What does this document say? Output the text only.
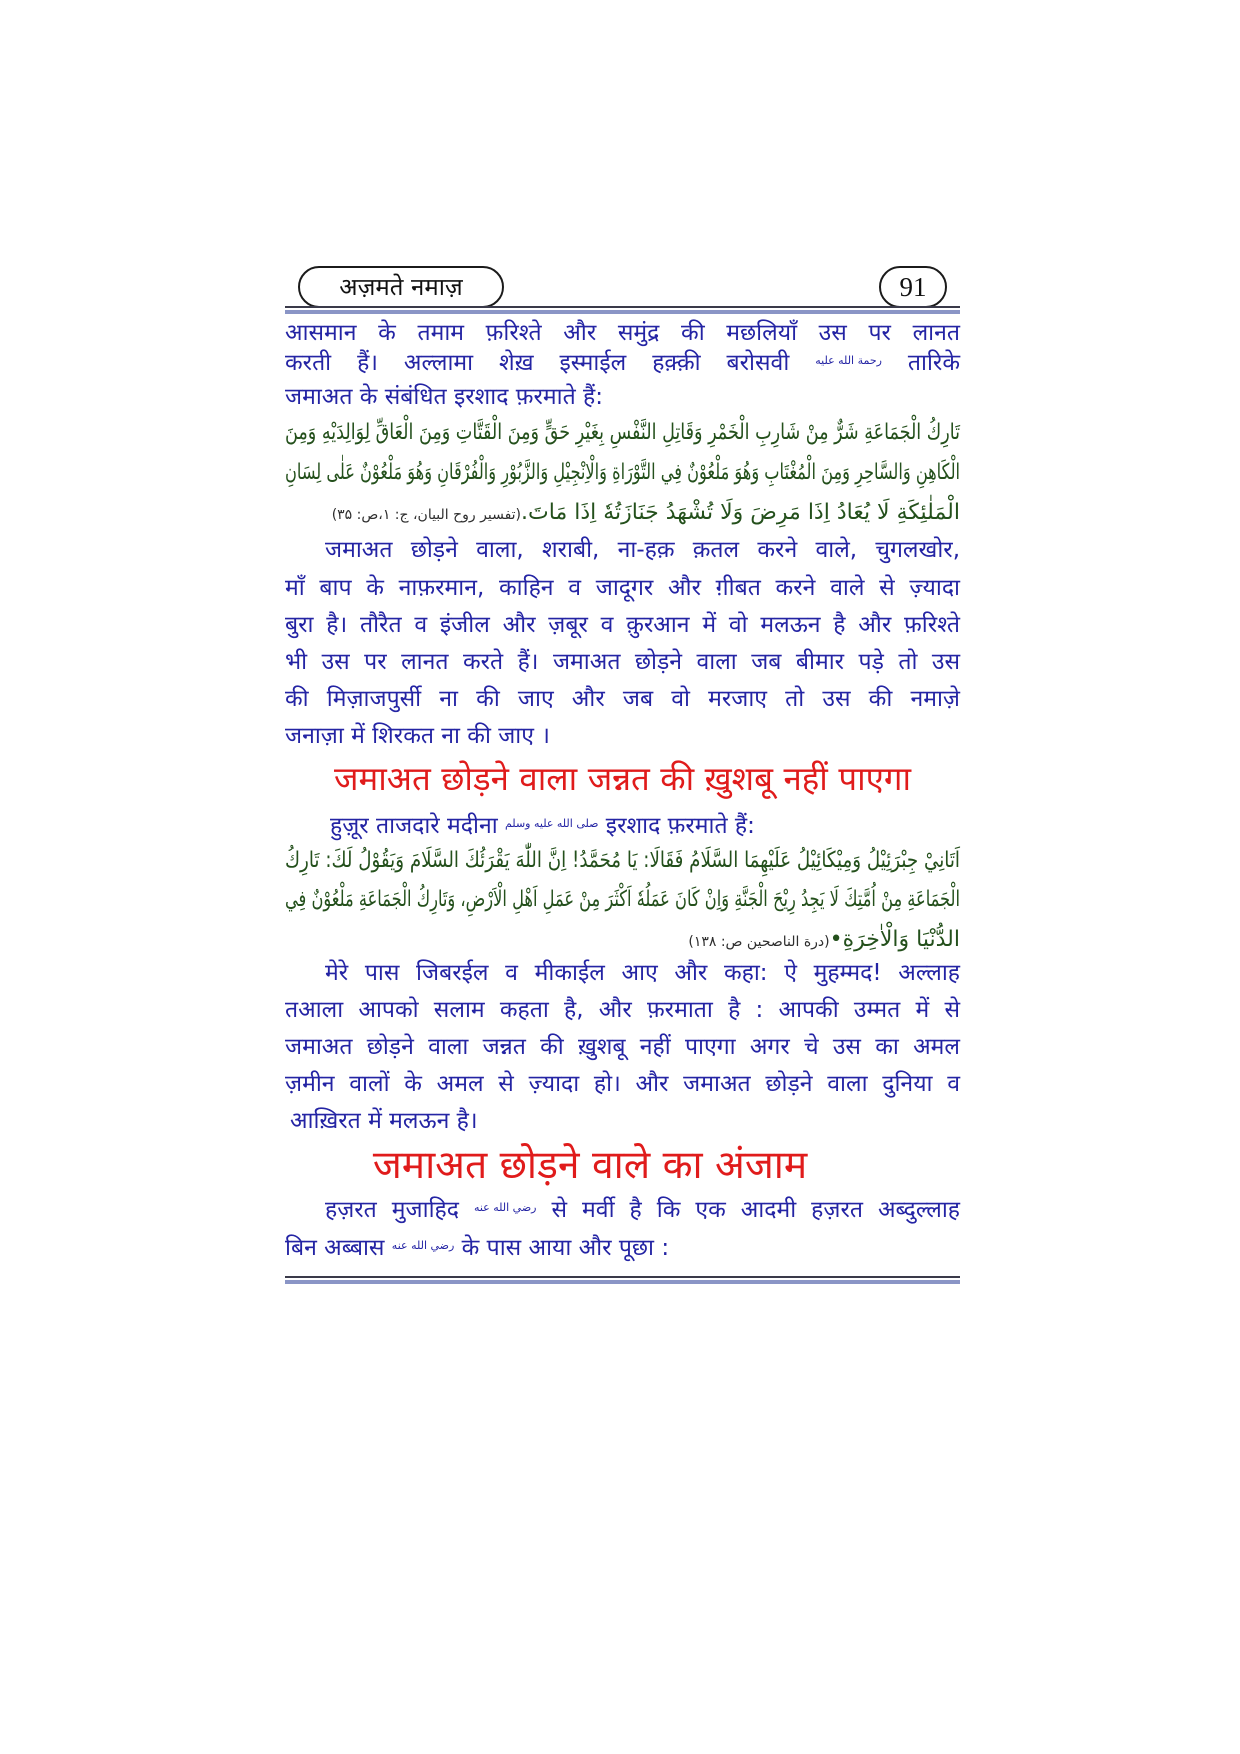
अज़मते नमाज़	91
आसमान के तमाम फ़रिश्ते और समुंद्र की मछलियाँ उस पर लानत
करती हैं। अल्लामा शेख़ इस्माईल हक़्क़ी बरोसवी رحمة الله عليه तारिके
जमाअत के संबंधित इरशाद फ़रमाते हैं:
تَارِكُ الْجَمَاعَةِ شَرٌّ مِنْ شَارِبِ الْخَمْرِ وَقَاتِلِ النَّفْسِ بِغَيْرِ حَقٍّ وَمِنَ الْقَتَّاتِ وَمِنَ الْعَاقِّ لِوَالِدَيْهِ وَمِنَ
الْكَاهِنِ وَالسَّاحِرِ وَمِنَ الْمُغْتَابِ وَهُوَ مَلْعُوْنٌ فِي التَّوْرَاةِ وَالْاِنْجِيْلِ وَالزَّبُوْرِ وَالْفُرْقَانِ وَهُوَ مَلْعُوْنٌ عَلٰى لِسَانِ
الْمَلٰئِكَةِ لَا يُعَادُ اِذَا مَرِضَ وَلَا تُشْهَدُ جَنَازَتُهٗ اِذَا مَاتَ.(تفسير روح البيان، ج: ۱،ص: ۳۵)
जमाअत छोड़ने वाला, शराबी, ना-हक़ क़तल करने वाले, चुगलखोर,
माँ बाप के नाफ़रमान, काहिन व जादूगर और ग़ीबत करने वाले से ज़्यादा
बुरा है। तौरैत व इंजील और ज़बूर व क़ुरआन में वो मलऊन है और फ़रिश्ते
भी उस पर लानत करते हैं। जमाअत छोड़ने वाला जब बीमार पड़े तो उस
की मिज़ाजपुर्सी ना की जाए और जब वो मरजाए तो उस की नमाज़े
जनाज़ा में शिरकत ना की जाए ।
जमाअत छोड़ने वाला जन्नत की ख़ुशबू नहीं पाएगा
हुज़ूर ताजदारे मदीना صلى الله عليه وسلم इरशाद फ़रमाते हैं:
اَتَانِيْ جِبْرَئِيْلُ وَمِيْكَائِيْلُ عَلَيْهِمَا السَّلَامُ فَقَالَا: يَا مُحَمَّدُ! اِنَّ اللّٰهَ يَقْرَئُكَ السَّلَامَ وَيَقُوْلُ لَكَ: تَارِكُ
الْجَمَاعَةِ مِنْ اُمَّتِكَ لَا يَجِدُ رِيْحَ الْجَنَّةِ وَاِنْ كَانَ عَمَلُهٗ اَكْثَرَ مِنْ عَمَلِ اَهْلِ الْاَرْضِ، وَتَارِكُ الْجَمَاعَةِ مَلْعُوْنٌ فِي
الدُّنْيَا وَالْاٰخِرَةِ•(درة الناصحين ص: ۱۳۸)
मेरे पास जिबरईल व मीकाईल आए और कहा: ऐ मुहम्मद! अल्लाह
तआला आपको सलाम कहता है, और फ़रमाता है : आपकी उम्मत में से
जमाअत छोड़ने वाला जन्नत की ख़ुशबू नहीं पाएगा अगर चे उस का अमल
ज़मीन वालों के अमल से ज़्यादा हो। और जमाअत छोड़ने वाला दुनिया व
आख़िरत में मलऊन है।
जमाअत छोड़ने वाले का अंजाम
हज़रत मुजाहिद رضي الله عنه से मर्वी है कि एक आदमी हज़रत अब्दुल्लाह
बिन अब्बास رضي الله عنه के पास आया और पूछा :
